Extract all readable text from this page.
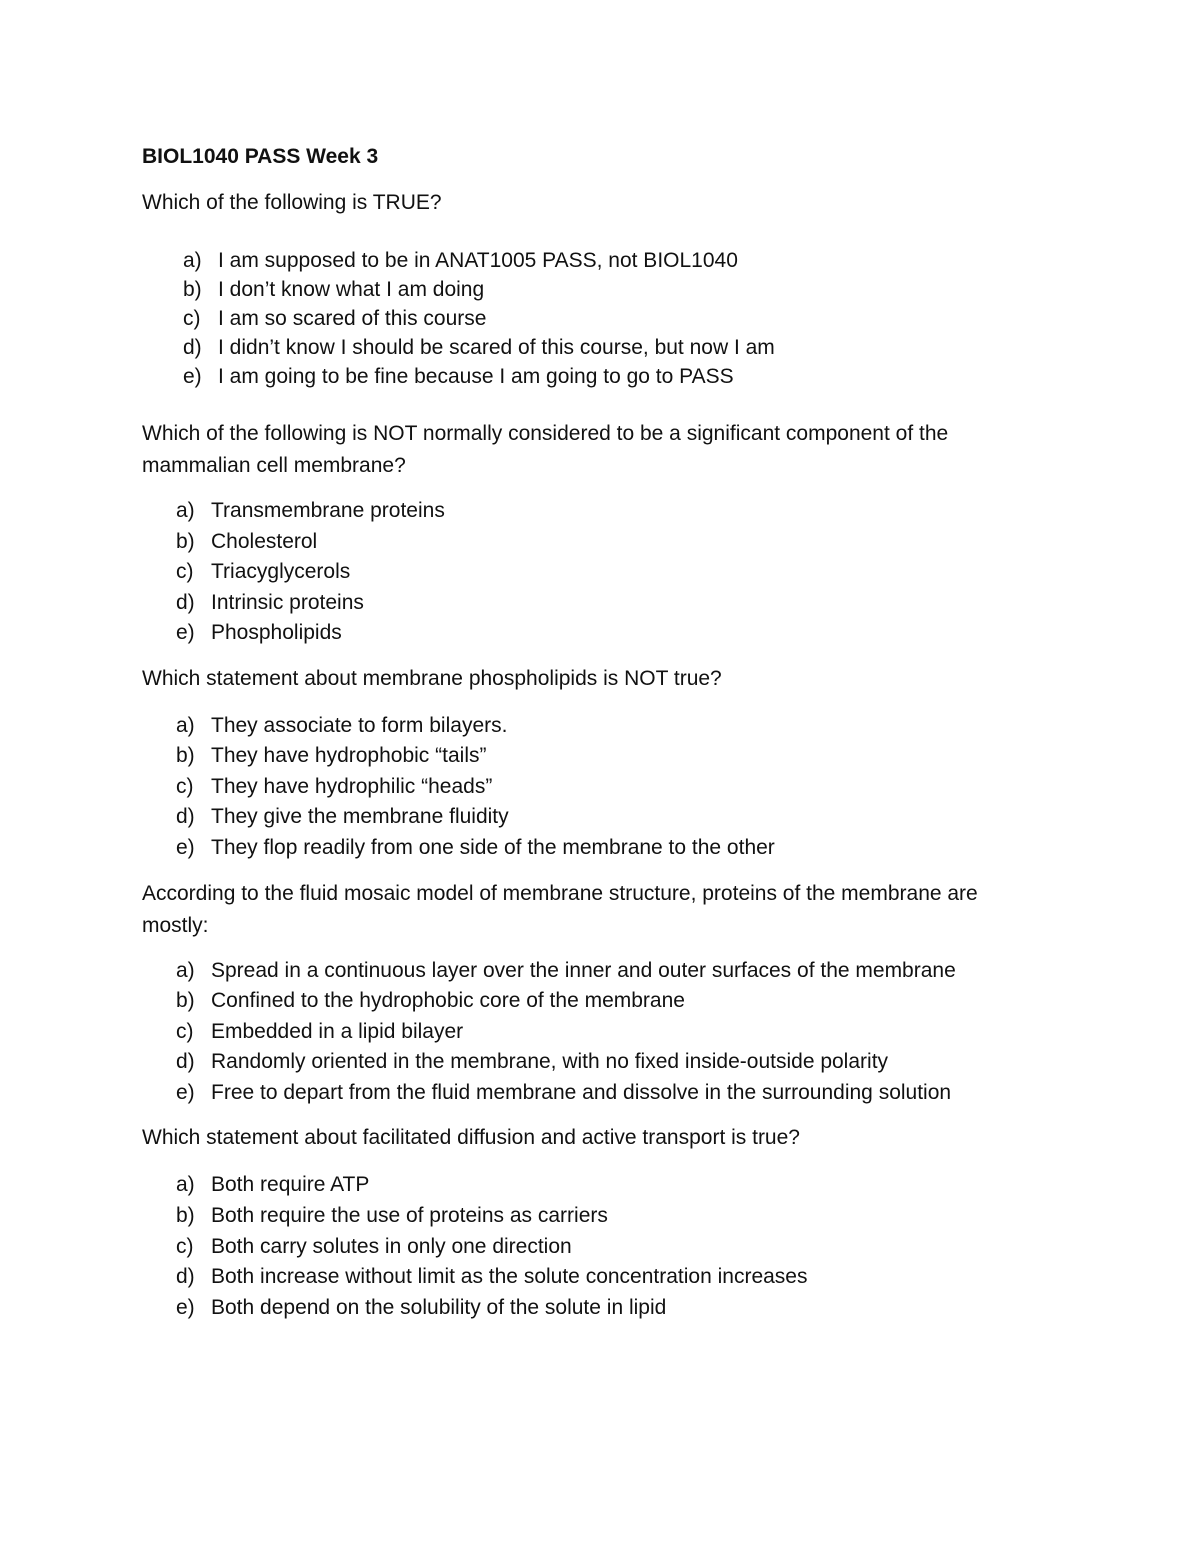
BIOL1040 PASS Week 3
Which of the following is TRUE?
a) I am supposed to be in ANAT1005 PASS, not BIOL1040
b) I don’t know what I am doing
c) I am so scared of this course
d) I didn’t know I should be scared of this course, but now I am
e) I am going to be fine because I am going to go to PASS
Which of the following is NOT normally considered to be a significant component of the mammalian cell membrane?
a) Transmembrane proteins
b) Cholesterol
c) Triacyglycerols
d) Intrinsic proteins
e) Phospholipids
Which statement about membrane phospholipids is NOT true?
a) They associate to form bilayers.
b) They have hydrophobic “tails”
c) They have hydrophilic “heads”
d) They give the membrane fluidity
e) They flop readily from one side of the membrane to the other
According to the fluid mosaic model of membrane structure, proteins of the membrane are mostly:
a) Spread in a continuous layer over the inner and outer surfaces of the membrane
b) Confined to the hydrophobic core of the membrane
c) Embedded in a lipid bilayer
d) Randomly oriented in the membrane, with no fixed inside-outside polarity
e) Free to depart from the fluid membrane and dissolve in the surrounding solution
Which statement about facilitated diffusion and active transport is true?
a) Both require ATP
b) Both require the use of proteins as carriers
c) Both carry solutes in only one direction
d) Both increase without limit as the solute concentration increases
e) Both depend on the solubility of the solute in lipid
